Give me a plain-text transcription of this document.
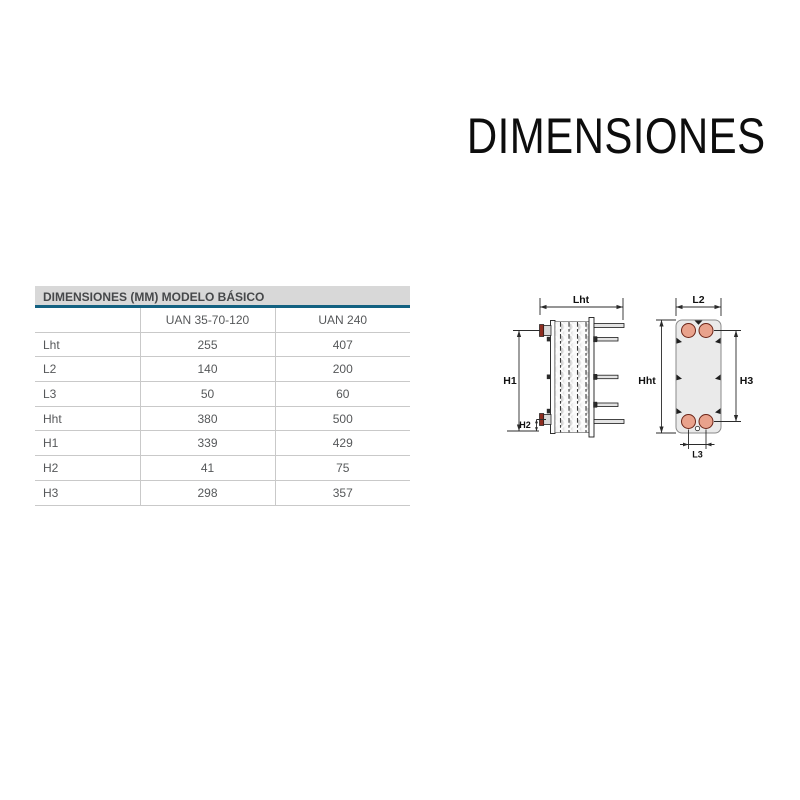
DIMENSIONES
DIMENSIONES (MM) MODELO BÁSICO
	UAN 35-70-120	UAN 240
Lht	255	407
L2	140	200
L3	50	60
Hht	380	500
H1	339	429
H2	41	75
H3	298	357
Lht
H1
H2
L2
Hht	H3
L3
